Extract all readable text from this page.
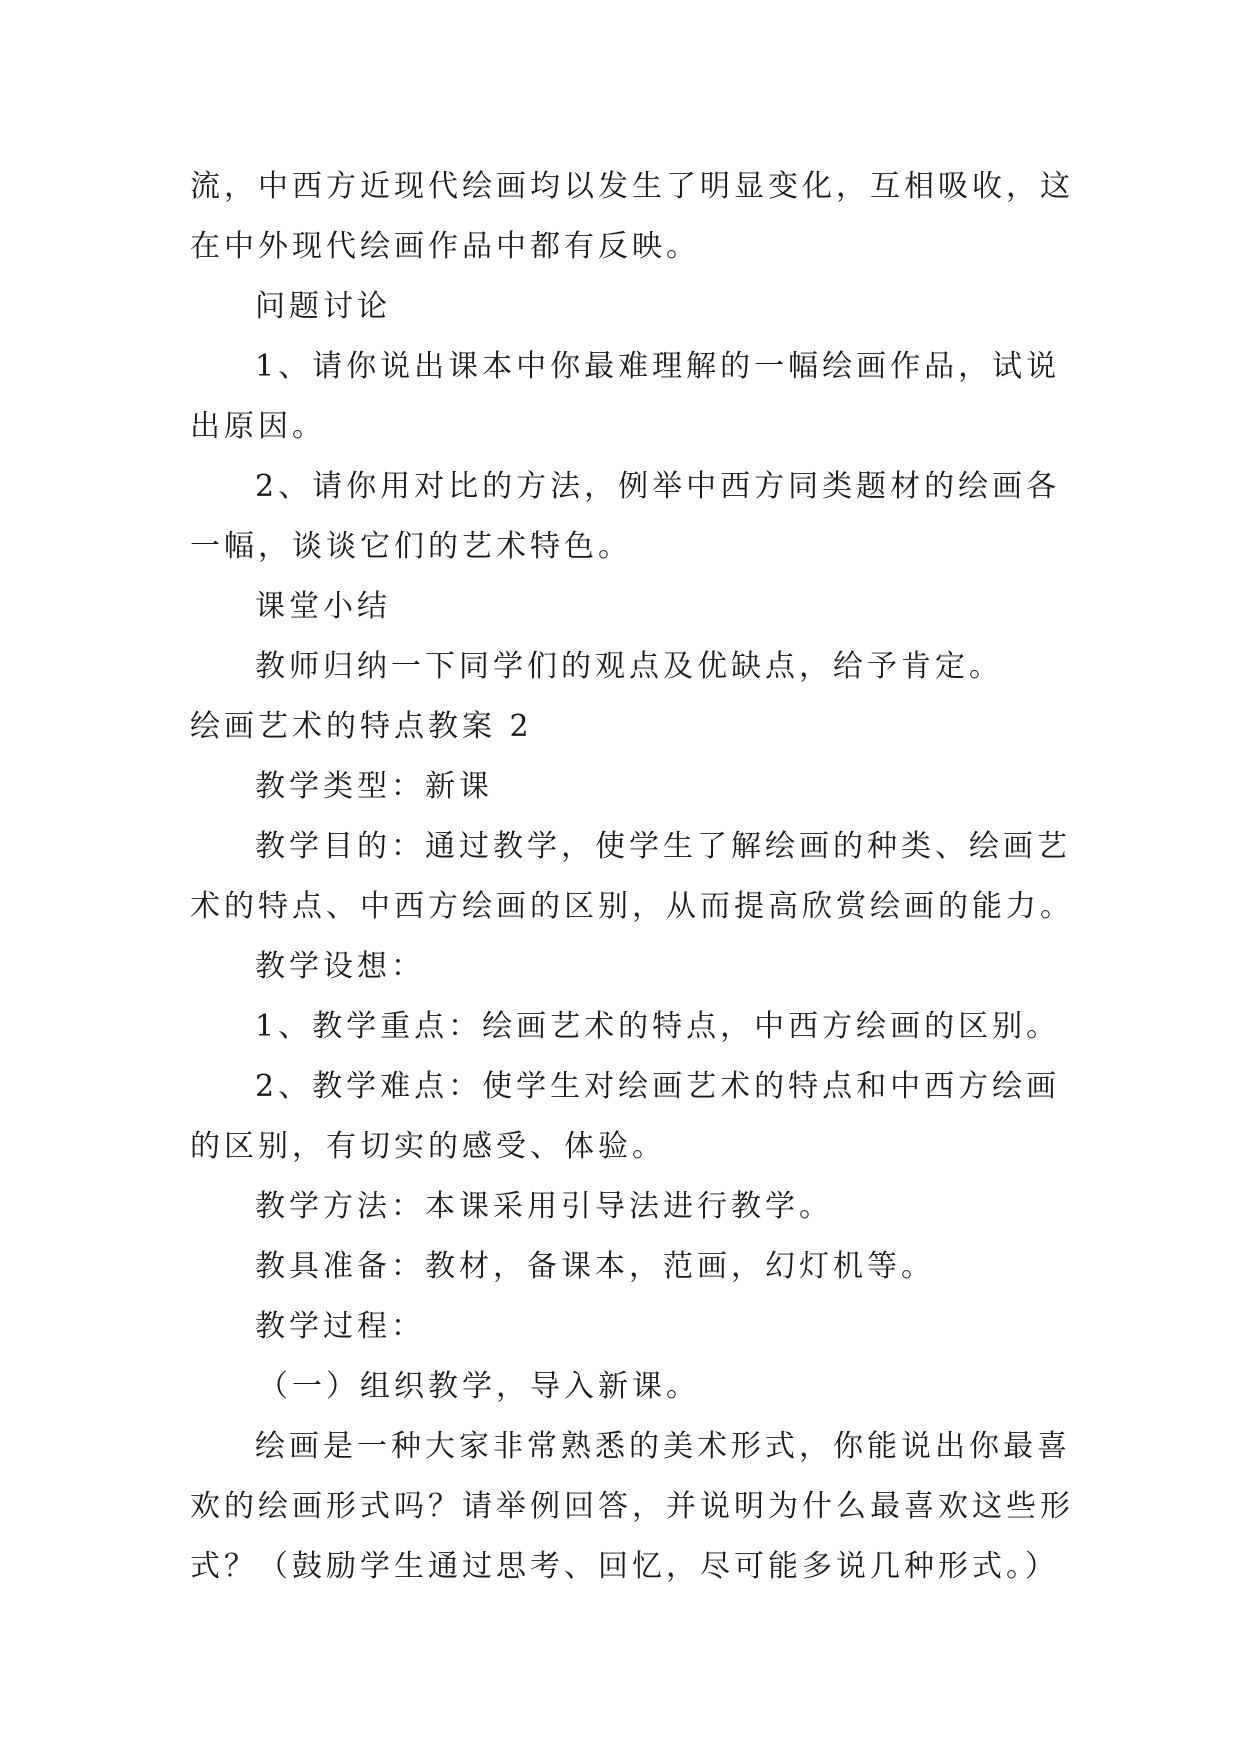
流，中西方近现代绘画均以发生了明显变化，互相吸收，这
在中外现代绘画作品中都有反映。
问题讨论
1、请你说出课本中你最难理解的一幅绘画作品，试说
出原因。
2、请你用对比的方法，例举中西方同类题材的绘画各
一幅，谈谈它们的艺术特色。
课堂小结
教师归纳一下同学们的观点及优缺点，给予肯定。
绘画艺术的特点教案 2
教学类型：新课
教学目的：通过教学，使学生了解绘画的种类、绘画艺
术的特点、中西方绘画的区别，从而提高欣赏绘画的能力。
教学设想：
1、教学重点：绘画艺术的特点，中西方绘画的区别。
2、教学难点：使学生对绘画艺术的特点和中西方绘画
的区别，有切实的感受、体验。
教学方法：本课采用引导法进行教学。
教具准备：教材，备课本，范画，幻灯机等。
教学过程：
（一）组织教学，导入新课。
绘画是一种大家非常熟悉的美术形式，你能说出你最喜
欢的绘画形式吗？请举例回答，并说明为什么最喜欢这些形
式？（鼓励学生通过思考、回忆，尽可能多说几种形式。）
